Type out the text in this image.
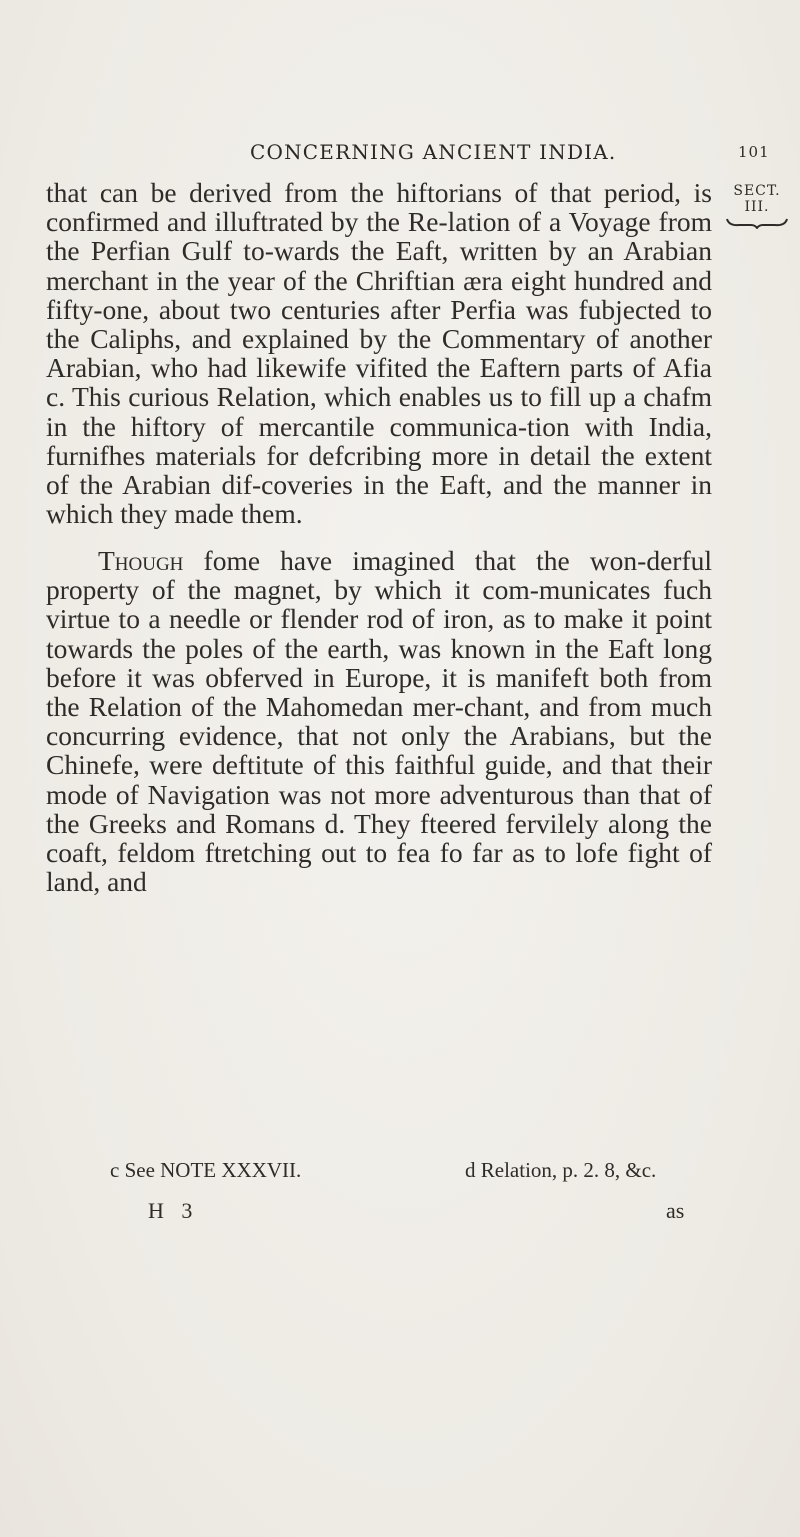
CONCERNING ANCIENT INDIA.	101
SECT.
III.
that can be derived from the hiftorians of that period, is confirmed and illuftrated by the Re-lation of a Voyage from the Perfian Gulf to-wards the Eaft, written by an Arabian merchant in the year of the Chriftian æra eight hundred and fifty-one, about two centuries after Perfia was fubjected to the Caliphs, and explained by the Commentary of another Arabian, who had likewife vifited the Eaftern parts of Afia c. This curious Relation, which enables us to fill up a chafm in the hiftory of mercantile communica-tion with India, furnifhes materials for defcribing more in detail the extent of the Arabian dif-coveries in the Eaft, and the manner in which they made them.
Though fome have imagined that the won-derful property of the magnet, by which it com-municates fuch virtue to a needle or flender rod of iron, as to make it point towards the poles of the earth, was known in the Eaft long before it was obferved in Europe, it is manifeft both from the Relation of the Mahomedan mer-chant, and from much concurring evidence, that not only the Arabians, but the Chinefe, were deftitute of this faithful guide, and that their mode of Navigation was not more adventurous than that of the Greeks and Romans d. They fteered fervilely along the coaft, feldom ftretching out to fea fo far as to lofe fight of land, and
c See NOTE XXXVII.	d Relation, p. 2. 8, &c.
H 3	as
